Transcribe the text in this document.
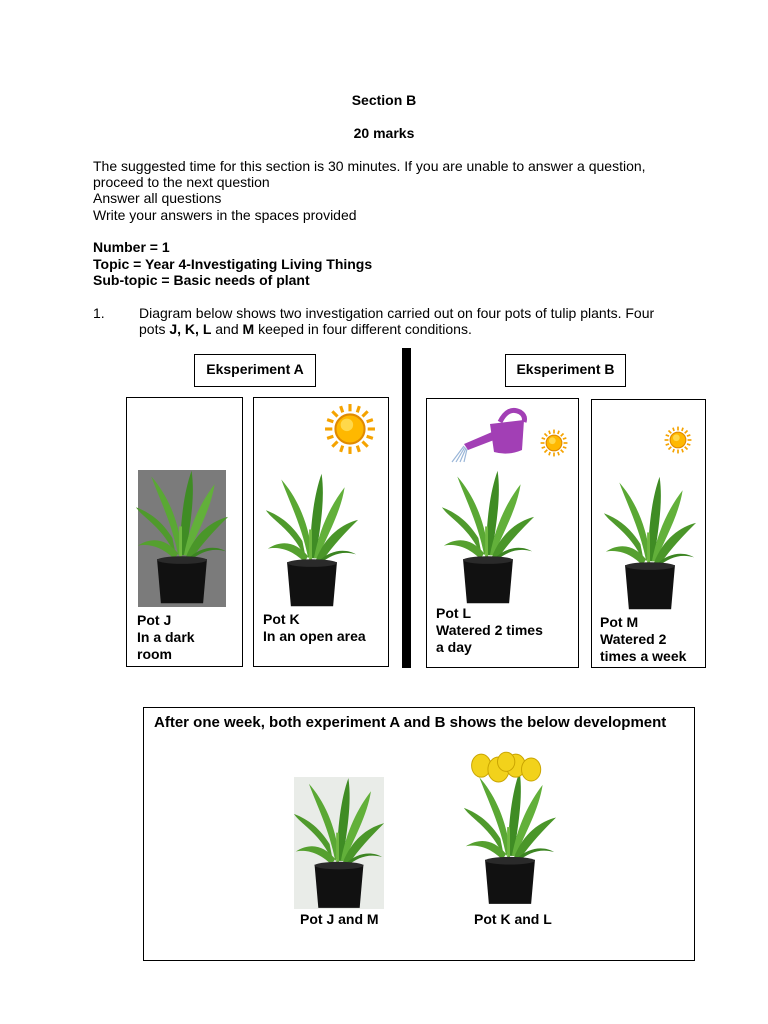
Section B
20 marks
The suggested time for this section is 30 minutes. If you are unable to answer a question,
proceed to the next question
Answer all questions
Write your answers in the spaces provided
Number = 1
Topic = Year 4-Investigating Living Things
Sub-topic = Basic needs of plant
1. Diagram below shows two investigation carried out on four pots of tulip plants. Four
pots J, K, L and M keeped in four different conditions.
Eksperiment A	Eksperiment B
Pot J
In a dark
room
Pot K
In an open area
Pot L
Watered 2 times
a day
Pot M
Watered 2
times a week
After one week, both experiment A and B shows the below development
Pot J and M	Pot K and L
